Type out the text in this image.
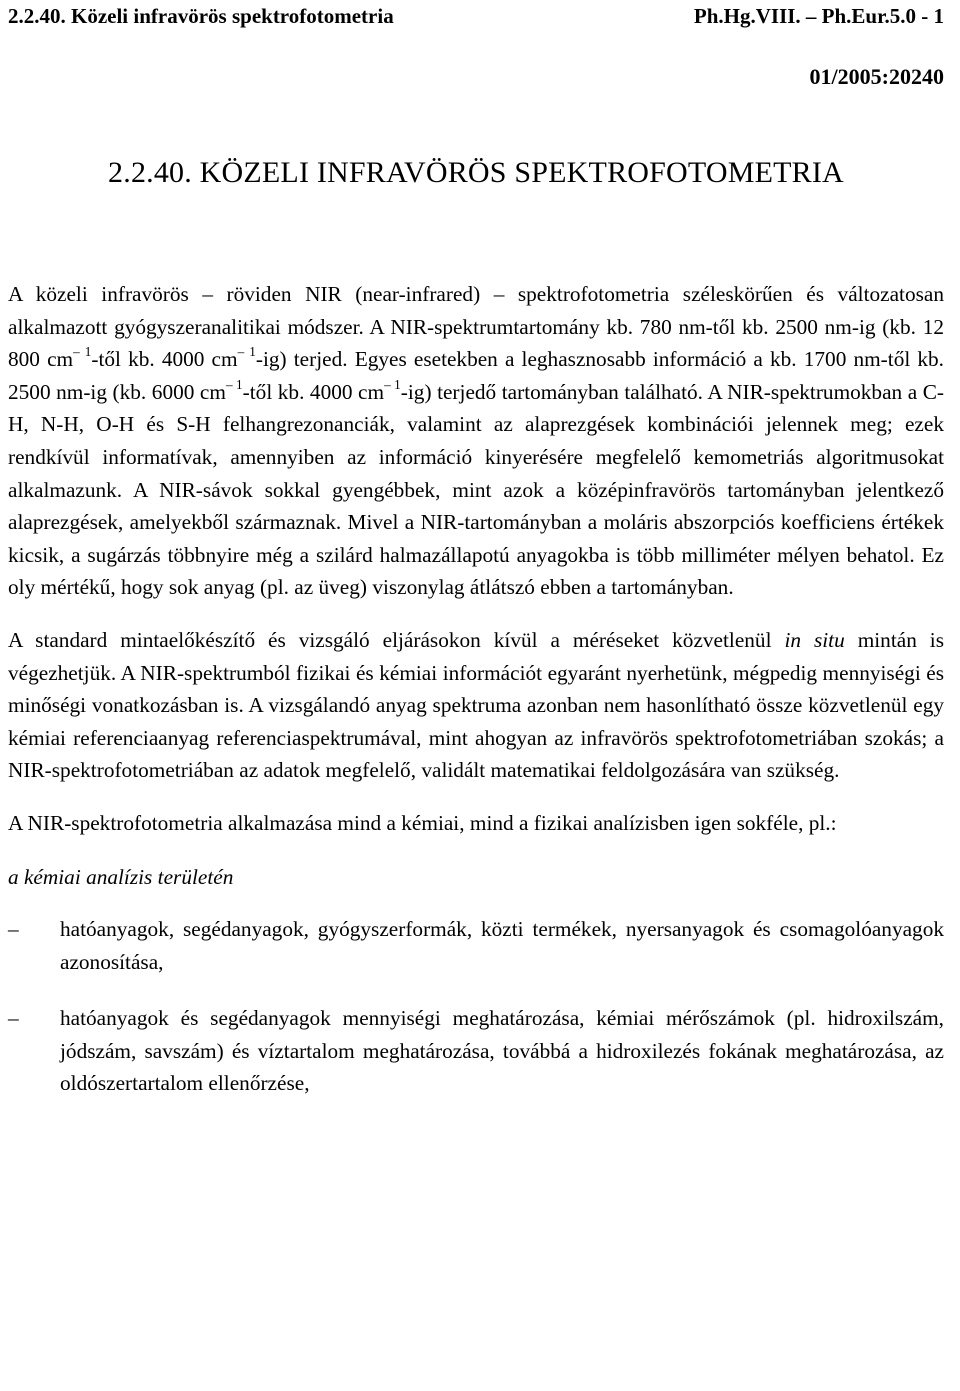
2.2.40. Közeli infravörös spektrofotometria	Ph.Hg.VIII. – Ph.Eur.5.0 - 1
01/2005:20240
2.2.40. KÖZELI INFRAVÖRÖS SPEKTROFOTOMETRIA

A közeli infravörös – röviden NIR (near-infrared) – spektrofotometria széleskörűen és változatosan alkalmazott gyógyszeranalitikai módszer. A NIR-spektrumtartomány kb. 780 nm-től kb. 2500 nm-ig (kb. 12 800 $cm^{- 1}$-től kb. 4000 $cm^{- 1}-ig$) terjed. Egyes esetekben a leghasznosabb információ a kb. 1700 nm-től kb. 2500 nm-ig (kb. 6000 $cm^{- 1}$-től kb. 4000 $cm^{- 1}-ig$) terjedő tartományban található. A NIR-spektrumokban a C-H, N-H, O-H és S-H felhangrezonanciák, valamint az alaprezgések kombinációi jelennek meg; ezek rendkívül informatívak, amennyiben az információ kinyerésére megfelelő kemometriás algoritmusokat alkalmazunk. A NIR-sávok sokkal gyengébbek, mint azok a középinfravörös tartományban jelentkező alaprezgések, amelyekből származnak. Mivel a NIR-tartományban a moláris abszorpciós koefficiens értékek kicsik, a sugárzás többnyire még a szilárd halmazállapotú anyagokba is több milliméter mélyen behatol. Ez oly mértékű, hogy sok anyag (pl. az üveg) viszonylag átlátszó ebben a tartományban.

A standard mintaelőkészítő és vizsgáló eljárásokon kívül a méréseket közvetlenül in situ mintán is végezhetjük. A NIR-spektrumból fizikai és kémiai információt egyaránt nyerhetünk, mégpedig mennyiségi és minőségi vonatkozásban is. A vizsgálandó anyag spektruma azonban nem hasonlítható össze közvetlenül egy kémiai referenciaanyag referenciaspektrumával, mint ahogyan az infravörös spektrofotometriában szokás; a NIR-spektrofotometriában az adatok megfelelő, validált matematikai feldolgozására van szükség.

A NIR-spektrofotometria alkalmazása mind a kémiai, mind a fizikai analízisben igen sokféle, pl.:

a kémiai analízis területén

–	hatóanyagok, segédanyagok, gyógyszerformák, közti termékek, nyersanyagok és csomagolóanyagok azonosítása,
–	hatóanyagok és segédanyagok mennyiségi meghatározása, kémiai mérőszámok (pl. hidroxilszám, jódszám, savszám) és víztartalom meghatározása, továbbá a hidroxilezés fokának meghatározása, az oldószertartalom ellenőrzése,
